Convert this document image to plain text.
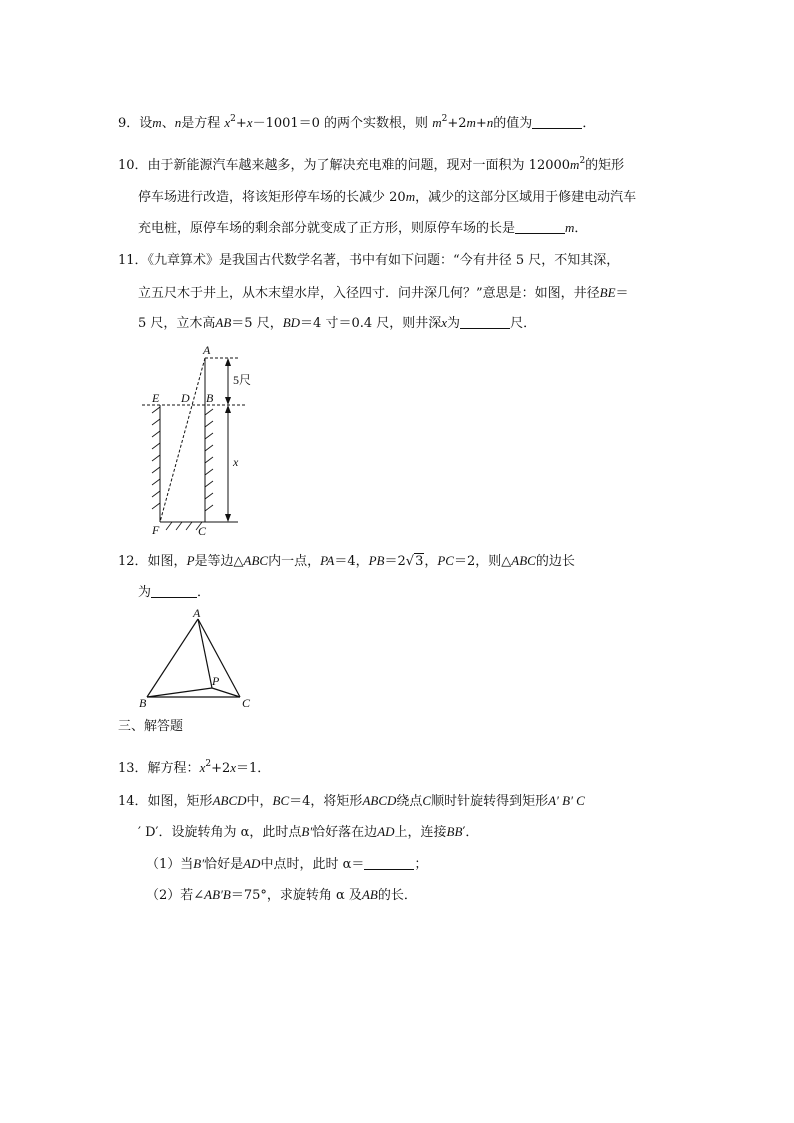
9．设m、n是方程 $x^2+x-1001=0$ 的两个实数根，则 $m^2+2m+n$的值为	．
10．由于新能源汽车越来越多，为了解决充电难的问题，现对一面积为 $12000m^2$的矩形
停车场进行改造，将该矩形停车场的长减少 20m，减少的这部分区域用于修建电动汽车
充电桩，原停车场的剩余部分就变成了正方形，则原停车场的长是	m．
11．《九章算术》是我国古代数学名著，书中有如下问题：“今有井径 5 尺，不知其深，
立五尺木于井上，从木末望水岸，入径四寸．问井深几何？”意思是：如图，井径BE＝
5 尺，立木高AB＝5 尺，BD＝4 寸＝0.4 尺，则井深x为	尺．
A
B
C
D
E
F
5尺
x
12．如图，P是等边△ABC内一点，PA＝4，PB＝2√3，PC＝2，则△ABC的边长
为	．
A
B	C
P
三、解答题
13．解方程：$x^2+2x=1$．
14．如图，矩形ABCD中，BC＝4，将矩形ABCD绕点C顺时针旋转得到矩形A′ B′ C
′ D′．设旋转角为 α，此时点B′恰好落在边AD上，连接BB′．
（1）当B′恰好是AD中点时，此时 α＝	；
（2）若∠AB′B＝75°，求旋转角 α 及AB的长．
